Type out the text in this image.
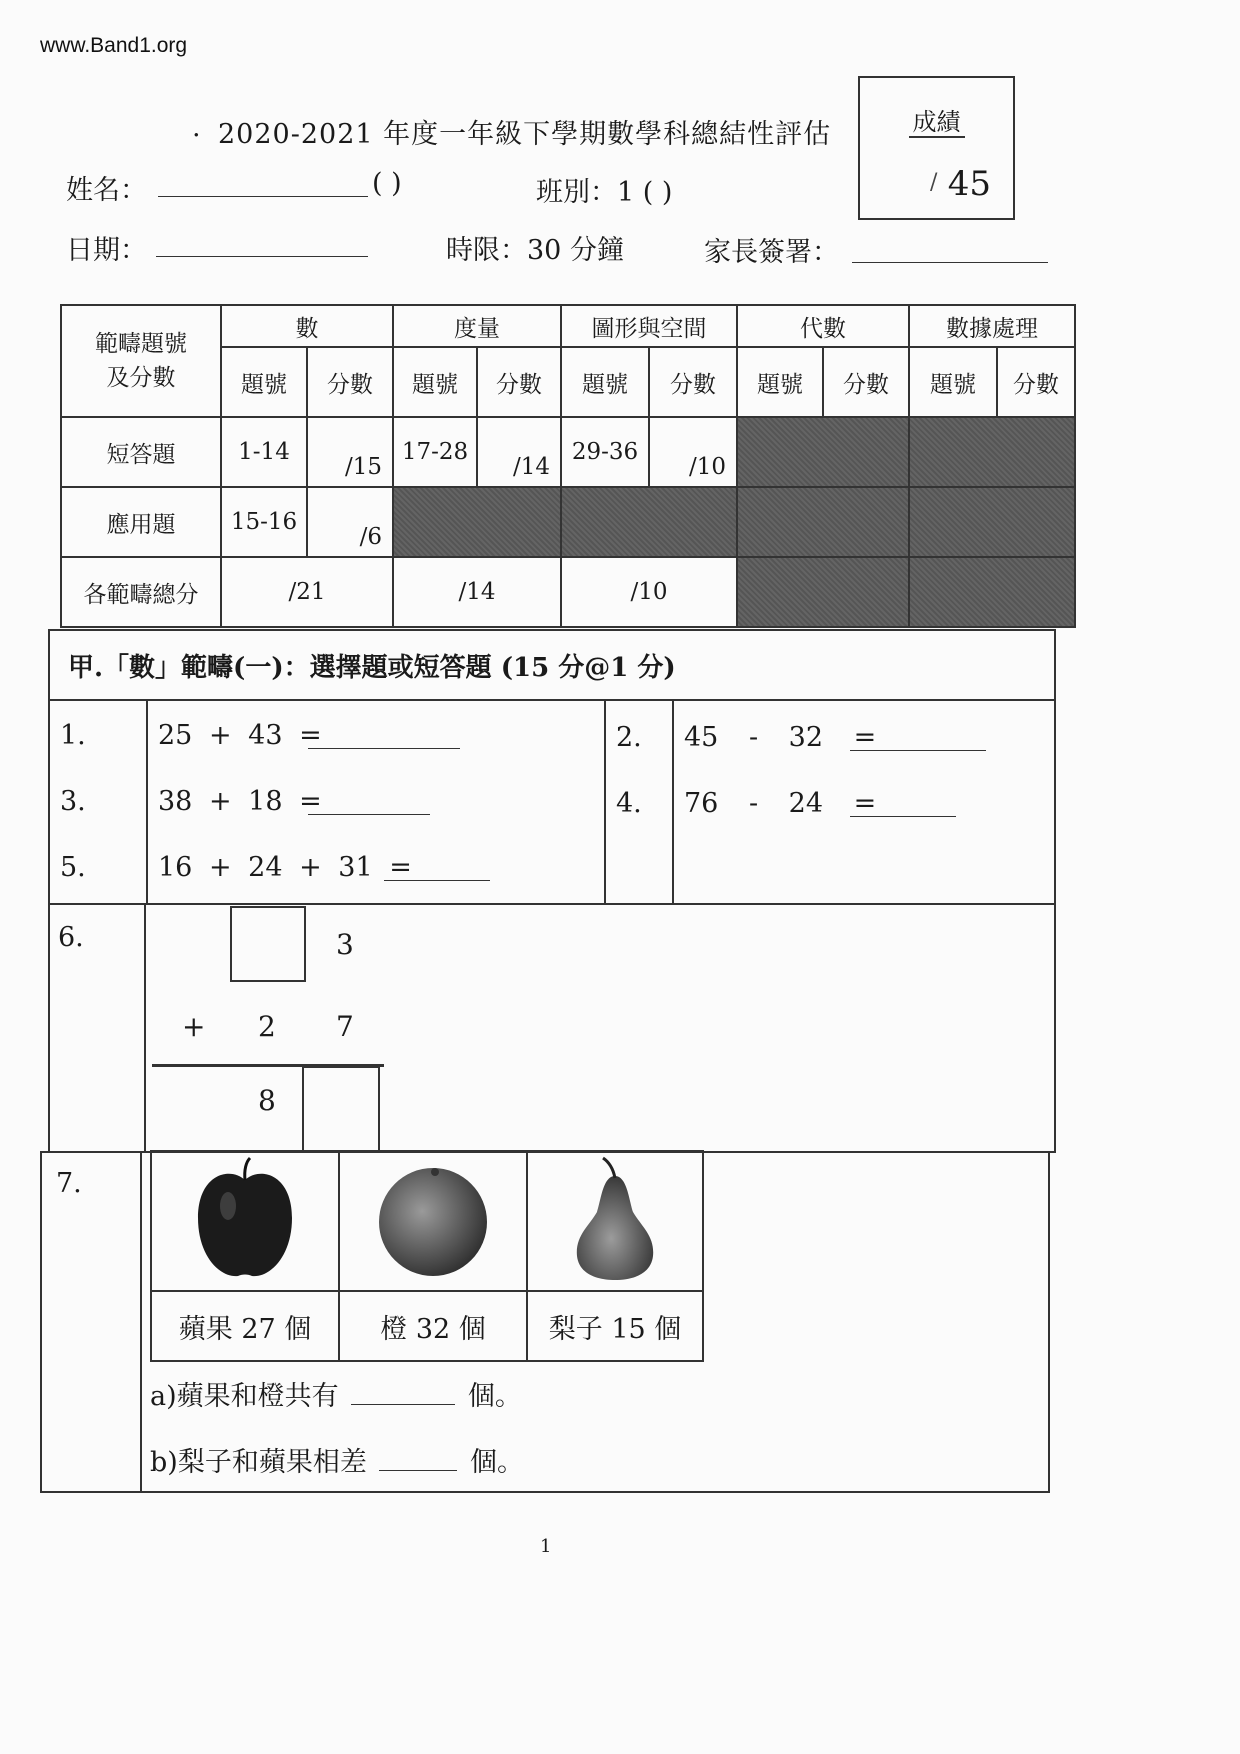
www.Band1.org
. 2020-2021 年度一年級下學期數學科總結性評估	成績
/ 45
姓名：	( )	班別：1 ( )
日期：	時限：30 分鐘	家長簽署：
範疇題號
及分數	數		度量		圖形與空間		代數		數據處理	
	題號	分數	題號	分數	題號	分數	題號	分數	題號	分數
短答題	1-14	/15	17-28	/14	29-36	/10				

應用題	15-16	/6								

各範疇總分	/21		/14		/10					
甲.「數」範疇(一)：選擇題或短答題 (15 分@1 分)
1.	25 + 43 =	2. 45 - 32 =
3.	38 + 18 =	4. 76 - 24 =
5.	16 + 24 + 31 =
6.	3
+ 2 7
8
7.

蘋果 27 個	橙 32 個	梨子 15 個
a)蘋果和橙共有	個。
b)梨子和蘋果相差	個。
1
